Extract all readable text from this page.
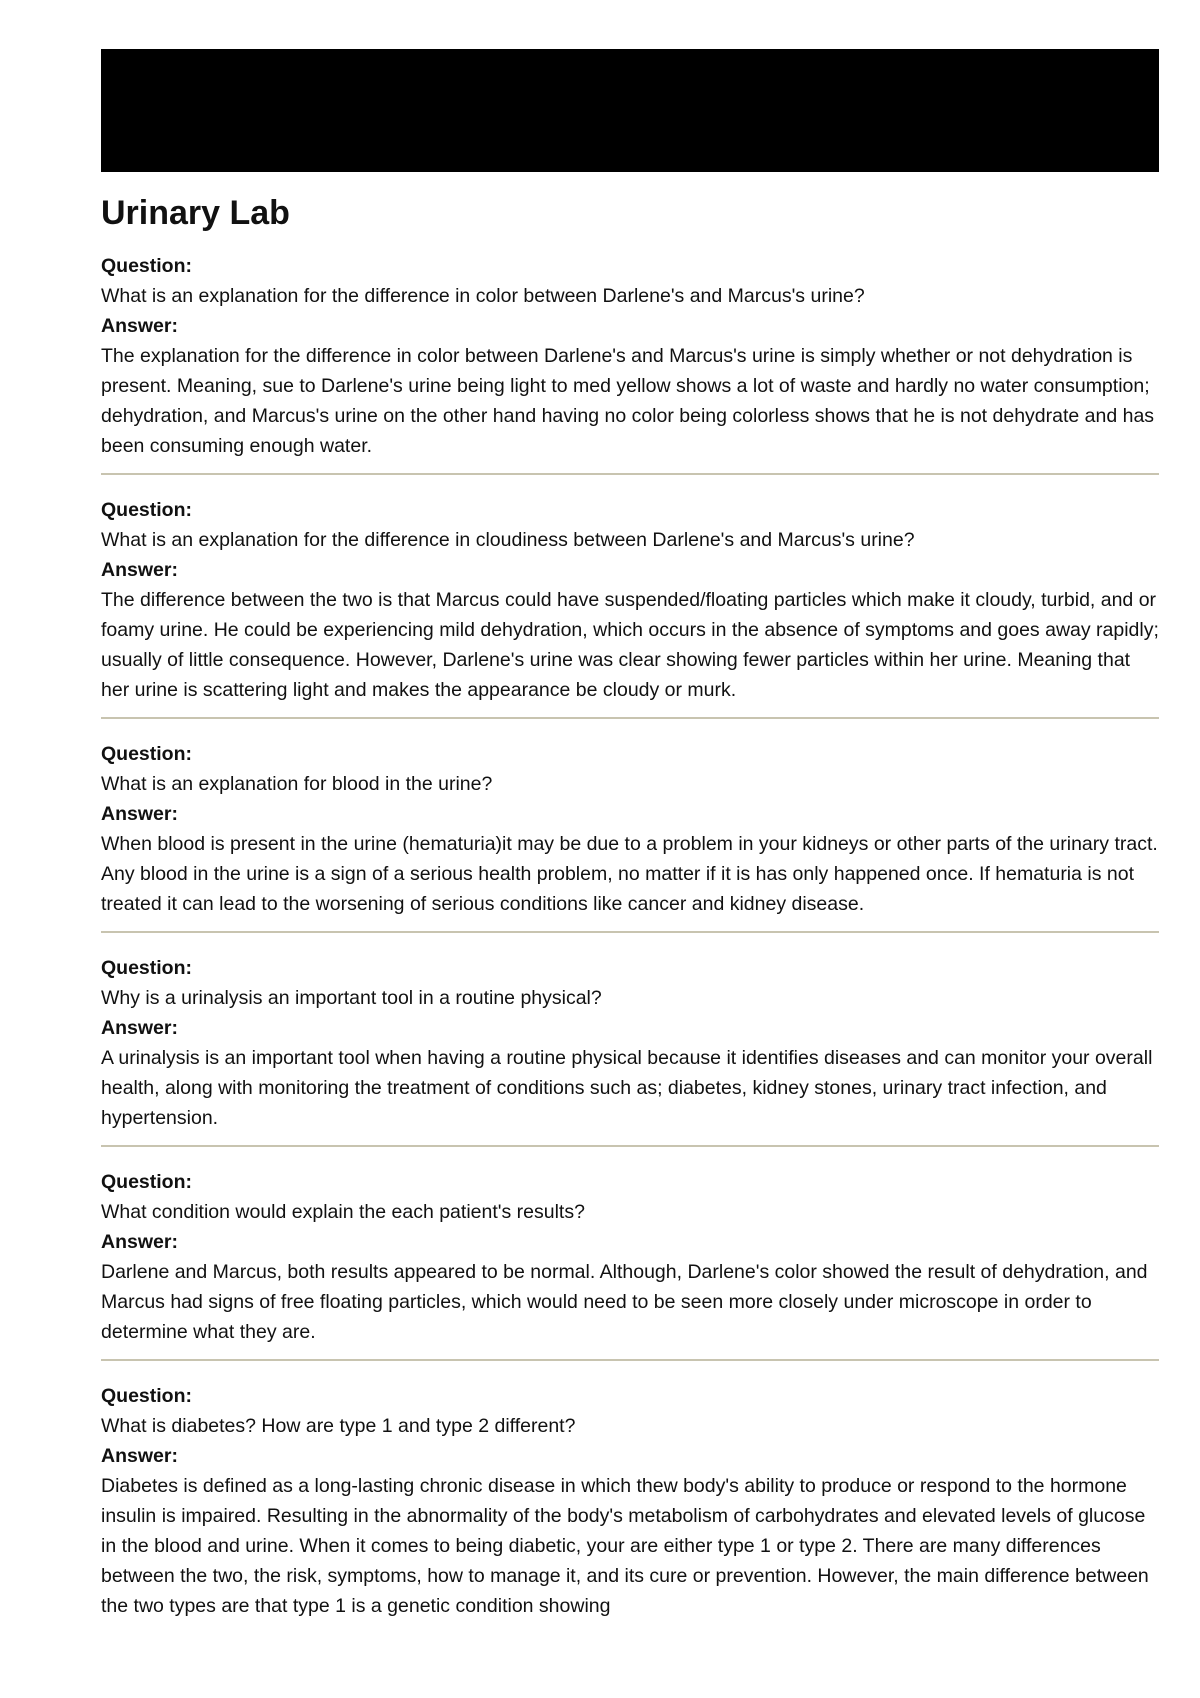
Urinary Lab
Question:
What is an explanation for the difference in color between Darlene's and Marcus's urine?
Answer:
The explanation for the difference in color between Darlene's and Marcus's urine is simply whether or not dehydration is present. Meaning, sue to Darlene's urine being light to med yellow shows a lot of waste and hardly no water consumption; dehydration, and Marcus's urine on the other hand having no color being colorless shows that he is not dehydrate and has been consuming enough water.
Question:
What is an explanation for the difference in cloudiness between Darlene's and Marcus's urine?
Answer:
The difference between the two is that Marcus could have suspended/floating particles which make it cloudy, turbid, and or foamy urine. He could be experiencing mild dehydration, which occurs in the absence of symptoms and goes away rapidly; usually of little consequence. However, Darlene's urine was clear showing fewer particles within her urine. Meaning that her urine is scattering light and makes the appearance be cloudy or murk.
Question:
What is an explanation for blood in the urine?
Answer:
When blood is present in the urine (hematuria)it may be due to a problem in your kidneys or other parts of the urinary tract. Any blood in the urine is a sign of a serious health problem, no matter if it is has only happened once. If hematuria is not treated it can lead to the worsening of serious conditions like cancer and kidney disease.
Question:
Why is a urinalysis an important tool in a routine physical?
Answer:
A urinalysis is an important tool when having a routine physical because it identifies diseases and can monitor your overall health, along with monitoring the treatment of conditions such as; diabetes, kidney stones, urinary tract infection, and hypertension.
Question:
What condition would explain the each patient's results?
Answer:
Darlene and Marcus, both results appeared to be normal. Although, Darlene's color showed the result of dehydration, and Marcus had signs of free floating particles, which would need to be seen more closely under microscope in order to determine what they are.
Question:
What is diabetes? How are type 1 and type 2 different?
Answer:
Diabetes is defined as a long-lasting chronic disease in which thew body's ability to produce or respond to the hormone insulin is impaired. Resulting in the abnormality of the body's metabolism of carbohydrates and elevated levels of glucose in the blood and urine. When it comes to being diabetic, your are either type 1 or type 2. There are many differences between the two, the risk, symptoms, how to manage it, and its cure or prevention. However, the main difference between the two types are that type 1 is a genetic condition showing
